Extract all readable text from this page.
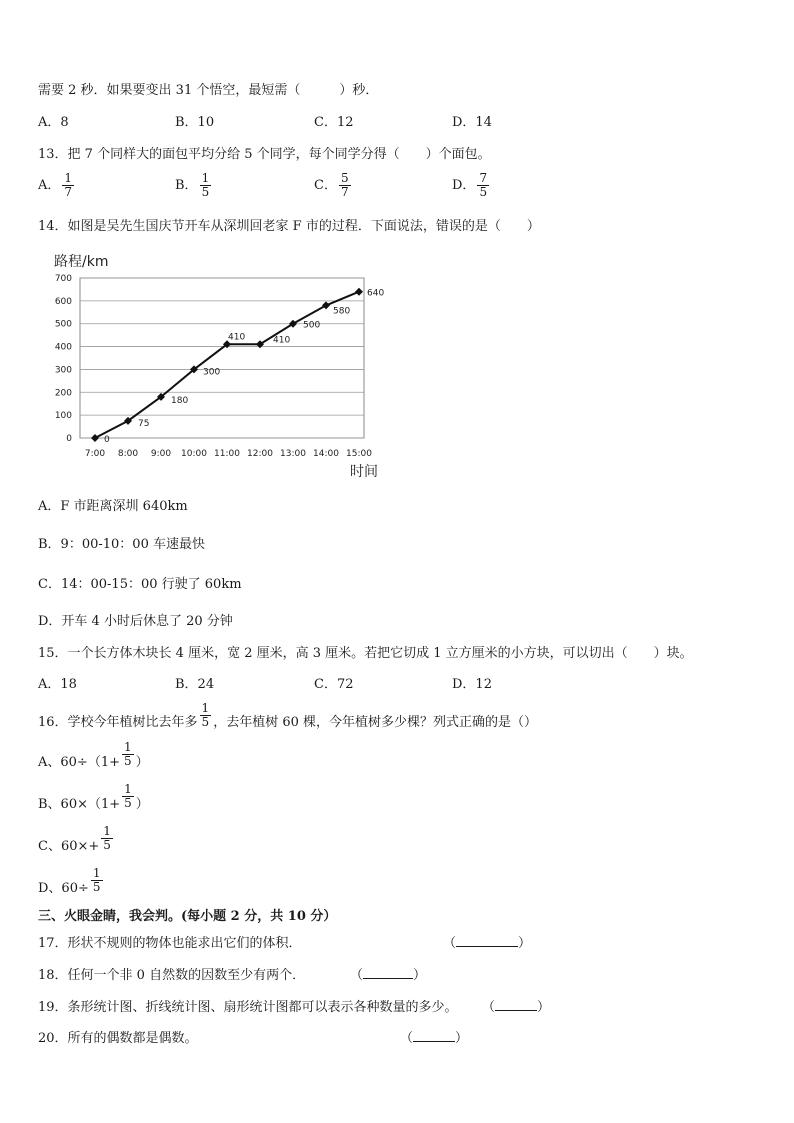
需要 2 秒．如果要变出 31 个悟空，最短需（　　　）秒．
A．8	B．10	C．12	D．14
13．把 7 个同样大的面包平均分给 5 个同学，每个同学分得（　　）个面包。
A． $\frac{1}{7}$	B． $\frac{1}{5}$	C． $\frac{5}{7}$	D． $\frac{7}{5}$
14．如图是吴先生国庆节开车从深圳回老家 F 市的过程．下面说法，错误的是（　　）
路程/km
时间
0
100
200
300
400
500
600
700
7:00 8:00 9:00 10:00 11:00 12:00 13:00 14:00 15:00
0
75
180
300
410	410
500
580
640
A．F 市距离深圳 640km
B．9：00-10：00 车速最快
C．14：00-15：00 行驶了 60km
D．开车 4 小时后休息了 20 分钟
15．一个长方体木块长 4 厘米，宽 2 厘米，高 3 厘米。若把它切成 1 立方厘米的小方块，可以切出（　　）块。
A．18	B．24	C．72	D．12
16．学校今年植树比去年多 $\frac{1}{5}$ ，去年植树 60 棵，今年植树多少棵？列式正确的是（）
A、$60\div(1+ \frac{1}{5}$ ）
B、$60\times(1+ \frac{1}{5}$ ）
C、$60\times+ \frac{1}{5}$
D、$60\div \frac{1}{5}$
三、火眼金睛，我会判。(每小题 2 分，共 10 分）
17．形状不规则的物体也能求出它们的体积．	（	）
18．任何一个非 0 自然数的因数至少有两个．	（	）
19．条形统计图、折线统计图、扇形统计图都可以表示各种数量的多少。 （	）
20．所有的偶数都是偶数。	（	）
